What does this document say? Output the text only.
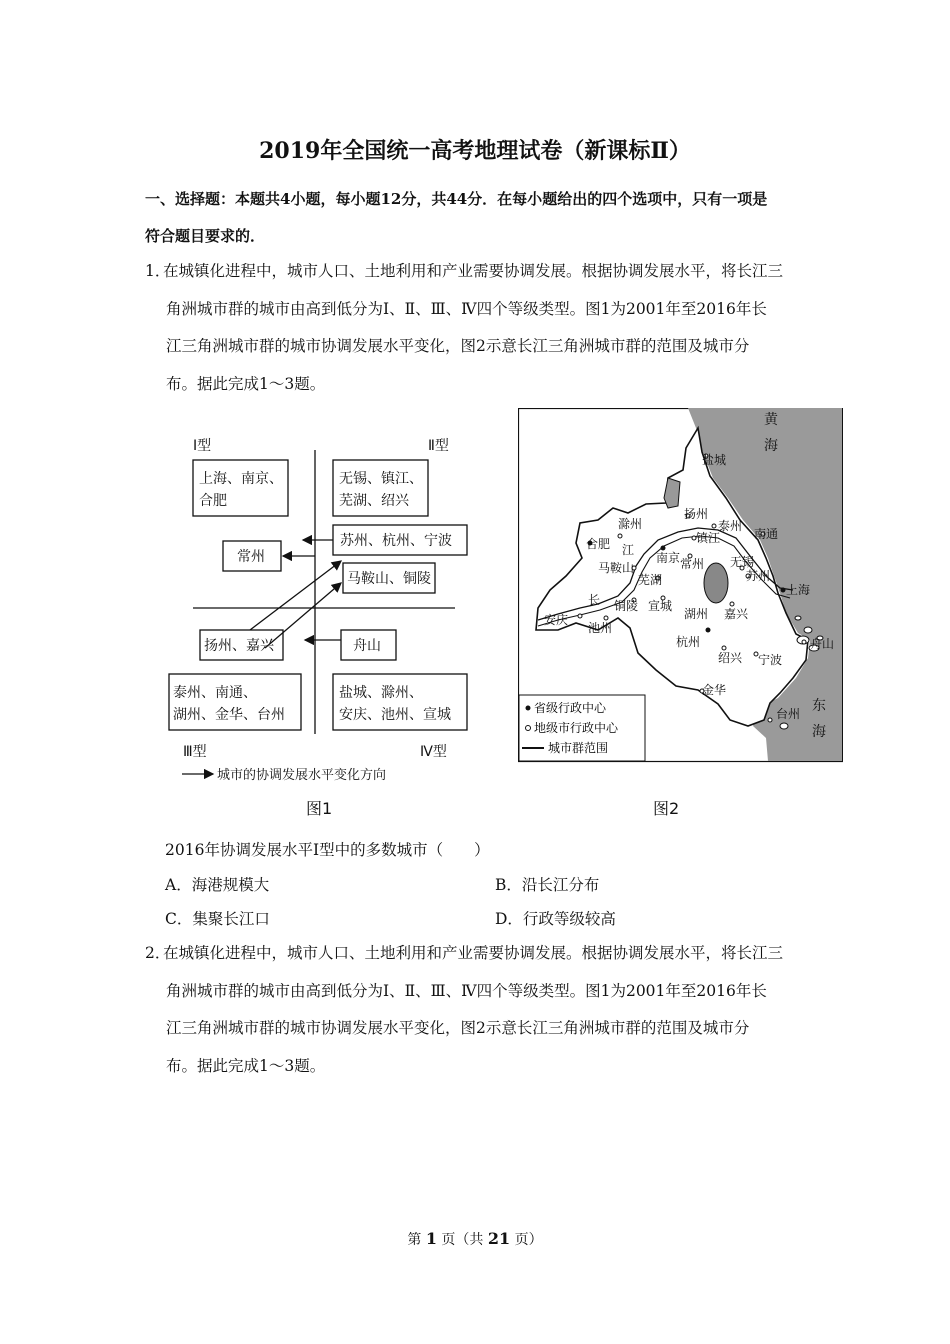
2019年全国统一高考地理试卷（新课标Ⅱ）
一、选择题：本题共4小题，每小题12分，共44分．在每小题给出的四个选项中，只有一项是
符合题目要求的．
1．
在城镇化进程中，城市人口、土地利用和产业需要协调发展。根据协调发展水平，将长江三
角洲城市群的城市由高到低分为Ⅰ、Ⅱ、Ⅲ、Ⅳ四个等级类型。图1为2001年至2016年长
江三角洲城市群的城市协调发展水平变化，图2示意长江三角洲城市群的范围及城市分
布。据此完成1～3题。
Ⅰ型	Ⅱ型
Ⅲ型	Ⅳ型
上海、南京、
合肥
无锡、镇江、
芜湖、绍兴
苏州、杭州、宁波
常州
马鞍山、铜陵
扬州、嘉兴	舟山
泰州、南通、
湖州、金华、台州
盐城、滁州、
安庆、池州、宣城
城市的协调发展水平变化方向
图1
黄
海
东
海
盐城
扬州
泰州
南通
滁州
合肥
南京
镇江
常州 无锡
苏州
上海
马鞍山
芜湖
铜陵 宣城
湖州 嘉兴
安庆
池州
杭州
绍兴 宁波
舟山
金华
台州
江
长
省级行政中心
地级市行政中心
城市群范围
图2
2016年协调发展水平Ⅰ型中的多数城市（　　）
A．海港规模大	B．沿长江分布
C．集聚长江口	D．行政等级较高
2．
在城镇化进程中，城市人口、土地利用和产业需要协调发展。根据协调发展水平，将长江三
角洲城市群的城市由高到低分为Ⅰ、Ⅱ、Ⅲ、Ⅳ四个等级类型。图1为2001年至2016年长
江三角洲城市群的城市协调发展水平变化，图2示意长江三角洲城市群的范围及城市分
布。据此完成1～3题。
第 1 页（共 21 页）
